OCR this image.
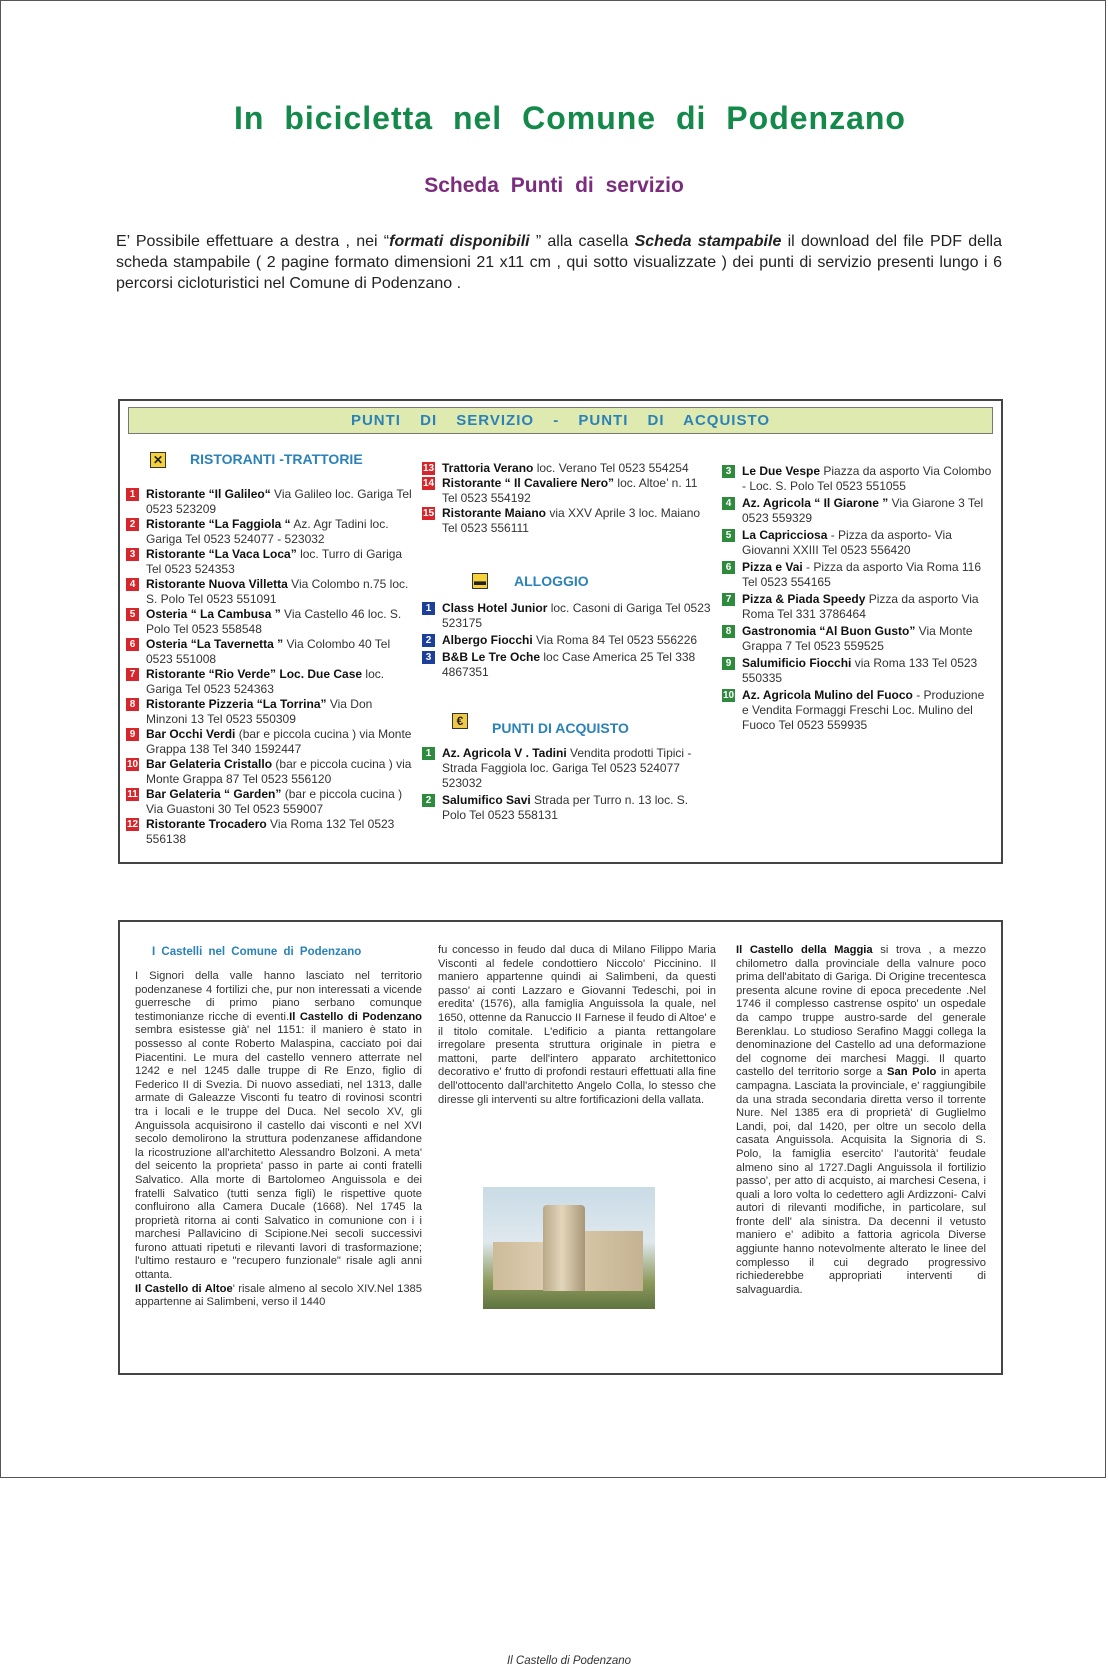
In bicicletta nel Comune di Podenzano
Scheda Punti di servizio

E’ Possibile effettuare a destra , nei “formati disponibili ” alla casella Scheda stampabile il download del file PDF della scheda stampabile ( 2 pagine formato dimensioni 21 x11 cm , qui sotto visualizzate ) dei punti di servizio presenti lungo i 6 percorsi cicloturistici nel Comune di Podenzano .

PUNTI DI SERVIZIO - PUNTI DI ACQUISTO
✕ RISTORANTI -TRATTORIE
1 Ristorante “Il Galileo“ Via Galileo loc. Gariga Tel 0523 523209
2 Ristorante “La Faggiola “ Az. Agr Tadini loc. Gariga Tel 0523 524077 - 523032
3 Ristorante “La Vaca Loca” loc. Turro di Gariga Tel 0523 524353
4 Ristorante Nuova Villetta Via Colombo n.75 loc. S. Polo Tel 0523 551091
5 Osteria “ La Cambusa ” Via Castello 46 loc. S. Polo Tel 0523 558548
6 Osteria “La Tavernetta ” Via Colombo 40 Tel 0523 551008
7 Ristorante “Rio Verde” Loc. Due Case loc. Gariga Tel 0523 524363
8 Ristorante Pizzeria “La Torrina” Via Don Minzoni 13 Tel 0523 550309
9 Bar Occhi Verdi (bar e piccola cucina ) via Monte Grappa 138 Tel 340 1592447
10 Bar Gelateria Cristallo (bar e piccola cucina ) via Monte Grappa 87 Tel 0523 556120
11 Bar Gelateria “ Garden” (bar e piccola cucina ) Via Guastoni 30 Tel 0523 559007
12 Ristorante Trocadero Via Roma 132 Tel 0523 556138
13 Trattoria Verano loc. Verano Tel 0523 554254
14 Ristorante “ Il Cavaliere Nero” loc. Altoe’ n. 11 Tel 0523 554192
15 Ristorante Maiano via XXV Aprile 3 loc. Maiano Tel 0523 556111
▬ ALLOGGIO
1 Class Hotel Junior loc. Casoni di Gariga Tel 0523 523175
2 Albergo Fiocchi Via Roma 84 Tel 0523 556226
3 B&B Le Tre Oche loc Case America 25 Tel 338 4867351
€	PUNTI DI ACQUISTO
1 Az. Agricola V . Tadini Vendita prodotti Tipici - Strada Faggiola loc. Gariga Tel 0523 524077 523032
2 Salumifico Savi Strada per Turro n. 13 loc. S. Polo Tel 0523 558131
3 Le Due Vespe Piazza da asporto Via Colombo - Loc. S. Polo Tel 0523 551055
4 Az. Agricola “ Il Giarone ” Via Giarone 3 Tel 0523 559329
5 La Capricciosa - Pizza da asporto- Via Giovanni XXIII Tel 0523 556420
6 Pizza e Vai - Pizza da asporto Via Roma 116 Tel 0523 554165
7 Pizza & Piada Speedy Pizza da asporto Via Roma Tel 331 3786464
8 Gastronomia “Al Buon Gusto” Via Monte Grappa 7 Tel 0523 559525
9 Salumificio Fiocchi via Roma 133 Tel 0523 550335
10 Az. Agricola Mulino del Fuoco - Produzione e Vendita Formaggi Freschi Loc. Mulino del Fuoco Tel 0523 559935
I Castelli nel Comune di Podenzano
I Signori della valle hanno lasciato nel territorio podenzanese 4 fortilizi che, pur non interessati a vicende guerresche di primo piano serbano comunque testimonianze ricche di eventi.Il Castello di Podenzano sembra esistesse già' nel 1151: il maniero è stato in possesso al conte Roberto Malaspina, cacciato poi dai Piacentini. Le mura del castello vennero atterrate nel 1242 e nel 1245 dalle truppe di Re Enzo, figlio di Federico II di Svezia. Di nuovo assediati, nel 1313, dalle armate di Galeazze Visconti fu teatro di rovinosi scontri tra i locali e le truppe del Duca. Nel secolo XV, gli Anguissola acquisirono il castello dai visconti e nel XVI secolo demolirono la struttura podenzanese affidandone la ricostruzione all'architetto Alessandro Bolzoni. A meta' del seicento la proprieta' passo in parte ai conti fratelli Salvatico. Alla morte di Bartolomeo Anguissola e dei fratelli Salvatico (tutti senza figli) le rispettive quote confluirono alla Camera Ducale (1668). Nel 1745 la proprietà ritorna ai conti Salvatico in comunione con i i marchesi Pallavicino di Scipione.Nei secoli successivi furono attuati ripetuti e rilevanti lavori di trasformazione; l'ultimo restauro e "recupero funzionale" risale agli anni ottanta.
Il Castello di Altoe' risale almeno al secolo XIV.Nel 1385 appartenne ai Salimbeni, verso il 1440
fu concesso in feudo dal duca di Milano Filippo Maria Visconti al fedele condottiero Niccolo' Piccinino. Il maniero appartenne quindi ai Salimbeni, da questi passo' ai conti Lazzaro e Giovanni Tedeschi, poi in eredita' (1576), alla famiglia Anguissola la quale, nel 1650, ottenne da Ranuccio II Farnese il feudo di Altoe' e il titolo comitale. L'edificio a pianta rettangolare irregolare presenta struttura originale in pietra e mattoni, parte dell'intero apparato architettonico decorativo e' frutto di profondi restauri effettuati alla fine dell'ottocento dall'architetto Angelo Colla, lo stesso che diresse gli interventi su altre fortificazioni della vallata.
Il Castello di Podenzano
Il Castello della Maggia si trova , a mezzo chilometro dalla provinciale della valnure poco prima dell'abitato di Gariga. Di Origine trecentesca presenta alcune rovine di epoca precedente .Nel 1746 il complesso castrense ospito' un ospedale da campo truppe austro-sarde del generale Berenklau. Lo studioso Serafino Maggi collega la denominazione del Castello ad una deformazione del cognome dei marchesi Maggi. Il quarto castello del territorio sorge a San Polo in aperta campagna. Lasciata la provinciale, e' raggiungibile da una strada secondaria diretta verso il torrente Nure. Nel 1385 era di proprietà' di Guglielmo Landi, poi, dal 1420, per oltre un secolo della casata Anguissola. Acquisita la Signoria di S. Polo, la famiglia esercito' l'autorità' feudale almeno sino al 1727.Dagli Anguissola il fortilizio passo', per atto di acquisto, ai marchesi Cesena, i quali a loro volta lo cedettero agli Ardizzoni- Calvi autori di rilevanti modifiche, in particolare, sul fronte dell' ala sinistra. Da decenni il vetusto maniero e' adibito a fattoria agricola Diverse aggiunte hanno notevolmente alterato le linee del complesso il cui degrado progressivo richiederebbe appropriati interventi di salvaguardia.
